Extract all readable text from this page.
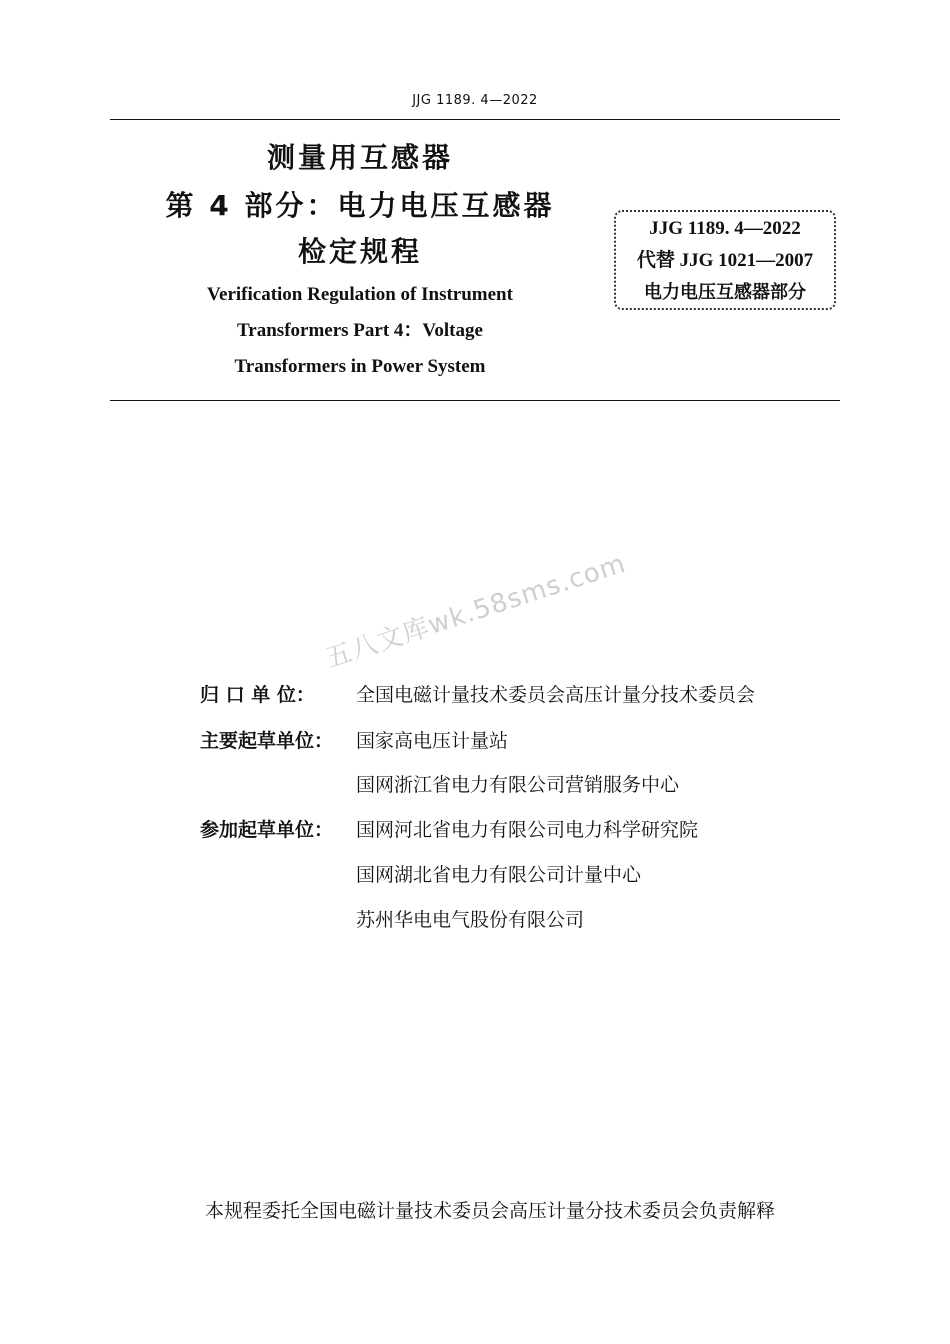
JJG 1189. 4—2022
测量用互感器
第 4 部分：电力电压互感器
检定规程
Verification Regulation of Instrument
Transformers Part 4：Voltage
Transformers in Power System
JJG 1189. 4—2022
代替 JJG 1021—2007
电力电压互感器部分
五八文库wk.58sms.com
归 口 单 位：	全国电磁计量技术委员会高压计量分技术委员会
主要起草单位：	国家高电压计量站
国网浙江省电力有限公司营销服务中心
参加起草单位：	国网河北省电力有限公司电力科学研究院
国网湖北省电力有限公司计量中心
苏州华电电气股份有限公司
本规程委托全国电磁计量技术委员会高压计量分技术委员会负责解释
